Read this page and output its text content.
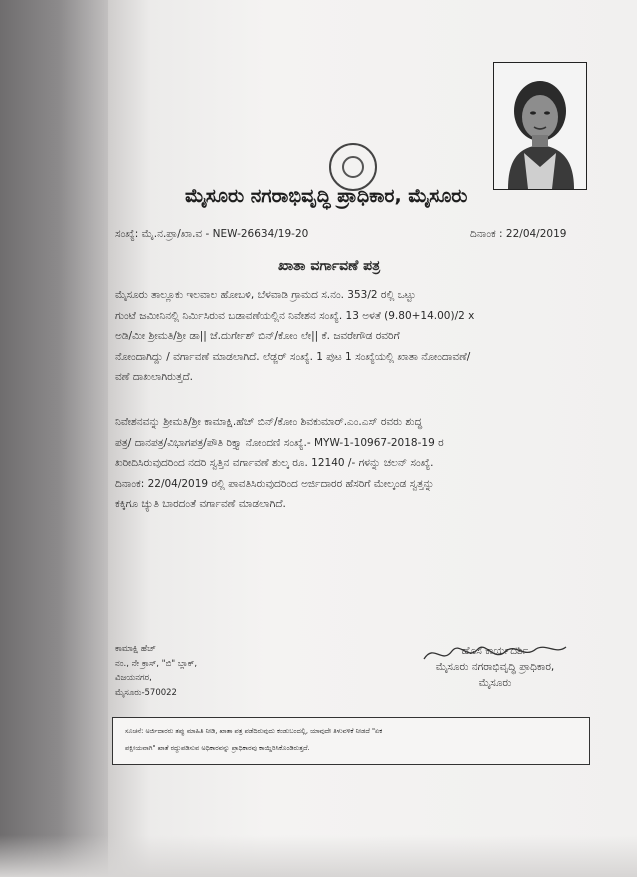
ಮೈಸೂರು ನಗರಾಭಿವೃದ್ಧಿ ಪ್ರಾಧಿಕಾರ, ಮೈಸೂರು
ಸಂಖ್ಯೆ: ಮೈ.ನ.ಪ್ರಾ/ಖಾ.ವ - NEW-26634/19-20	ದಿನಾಂಕ : 22/04/2019
ಖಾತಾ ವರ್ಗಾವಣೆ ಪತ್ರ

ಮೈಸೂರು ತಾಲ್ಲೂಕು ಇಲವಾಲ ಹೋಬಳಿ, ಬೆಳವಾಡಿ ಗ್ರಾಮದ ಸ.ನಂ. 353/2 ರಲ್ಲಿ ಒಟ್ಟು

ಗುಂಟೆ ಜಮೀನಿನಲ್ಲಿ ನಿರ್ಮಿಸಿರುವ ಬಡಾವಣೆಯಲ್ಲಿನ ನಿವೇಶನ ಸಂಖ್ಯೆ. 13 ಅಳತೆ (9.80+14.00)/2 x

ಅಡಿ/ಮೀ ಶ್ರೀಮತಿ/ಶ್ರೀ ಡಾ|| ಜೆ.ದುರ್ಗೇಶ್ ಬಿನ್/ಕೋಂ ಲೇ|| ಕೆ. ಜವರೇಗೌಡ ರವರಿಗೆ

ನೋಂದಾಗಿದ್ದು / ವರ್ಗಾವಣೆ ಮಾಡಲಾಗಿದೆ. ಲೆಡ್ಜರ್ ಸಂಖ್ಯೆ. 1 ಪುಟ 1 ಸಂಖ್ಯೆಯಲ್ಲಿ ಖಾತಾ ನೋಂದಾವಣೆ/

ವಣೆ ದಾಖಲಾಗಿರುತ್ತದೆ.

ನಿವೇಶನವನ್ನು ಶ್ರೀಮತಿ/ಶ್ರೀ ಕಾಮಾಕ್ಷಿ.ಹೆಚ್ ಬಿನ್/ಕೋಂ ಶಿವಕುಮಾರ್.ಎಂ.ಎಸ್ ರವರು ಶುದ್ಧ

ಪತ್ರ/ ದಾನಪತ್ರ/ವಿಭಾಗಪತ್ರ/ಪೌತಿ ರಿಕ್ತ್ಯಾ ನೋಂದಣಿ ಸಂಖ್ಯೆ.- MYW-1-10967-2018-19 ರ

ಖರೀದಿಸಿರುವುದರಿಂದ ನದರಿ ಸ್ವತ್ತಿನ ವರ್ಗಾವಣೆ ಶುಲ್ಕ ರೂ. 12140 /- ಗಳನ್ನು ಚಲನ್ ಸಂಖ್ಯೆ.

ದಿನಾಂಕ: 22/04/2019 ರಲ್ಲಿ ಪಾವತಿಸಿರುವುದರಿಂದ ಅರ್ಜಿದಾರರ ಹೆಸರಿಗೆ ಮೇಲ್ಕಂಡ ಸ್ವತ್ತನ್ನು

ಕಕ್ಕಿಗೂ ಚ್ಯುತಿ ಬಾರದಂತೆ ವರ್ಗಾವಣೆ ಮಾಡಲಾಗಿದೆ.

ಕಾಮಾಕ್ಷಿ ಹೆಚ್

ನಂ., ನೇ ಕ್ರಾಸ್, "ಬಿ" ಬ್ಲಾಕ್,

ವಿಜಯನಗರ,

ಮೈಸೂರು-570022

ಹೊಸ ಕಾರ್ಯದರ್ಶಿ

ಮೈಸೂರು ನಗರಾಭಿವೃದ್ಧಿ ಪ್ರಾಧಿಕಾರ,

ಮೈಸೂರು

ಸೂಚನೆ: ಅರ್ಜಿದಾರರು ತಪ್ಪು ಮಾಹಿತಿ ನೀಡಿ, ಖಾತಾ ಪತ್ರ ಪಡೆದಿರುವುದು ಕಂಡುಬಂದಲ್ಲಿ, ಯಾವುದೇ ತಿಳುವಳಿಕೆ ನೀಡದೆ "ಏಕ

ಪಕ್ಷೀಯವಾಗಿ" ಖಾತೆ ರದ್ದುಪಡಿಸುವ ಅಧಿಕಾರವನ್ನು ಪ್ರಾಧಿಕಾರವು ಕಾಯ್ದಿರಿಸಿಕೊಂಡಿರುತ್ತದೆ.
